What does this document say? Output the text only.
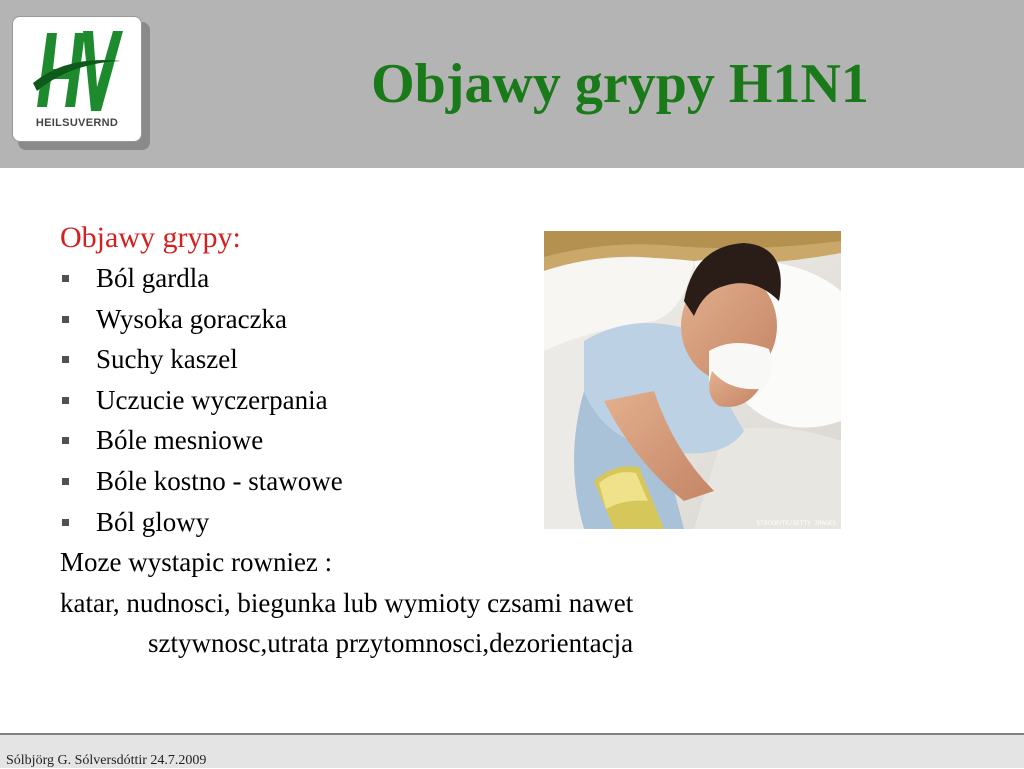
HEILSUVERND
Objawy grypy H1N1
Objawy grypy:
Ból gardla
Wysoka goraczka
Suchy kaszel
Uczucie wyczerpania
Bóle mesniowe
Bóle kostno - stawowe
Ból glowy
Moze wystapic rowniez :
katar, nudnosci, biegunka lub wymioty czsami nawet
sztywnosc,utrata przytomnosci,dezorientacja
STOCKBYTE/GETTY IMAGES
Sólbjörg G. Sólversdóttir 24.7.2009
